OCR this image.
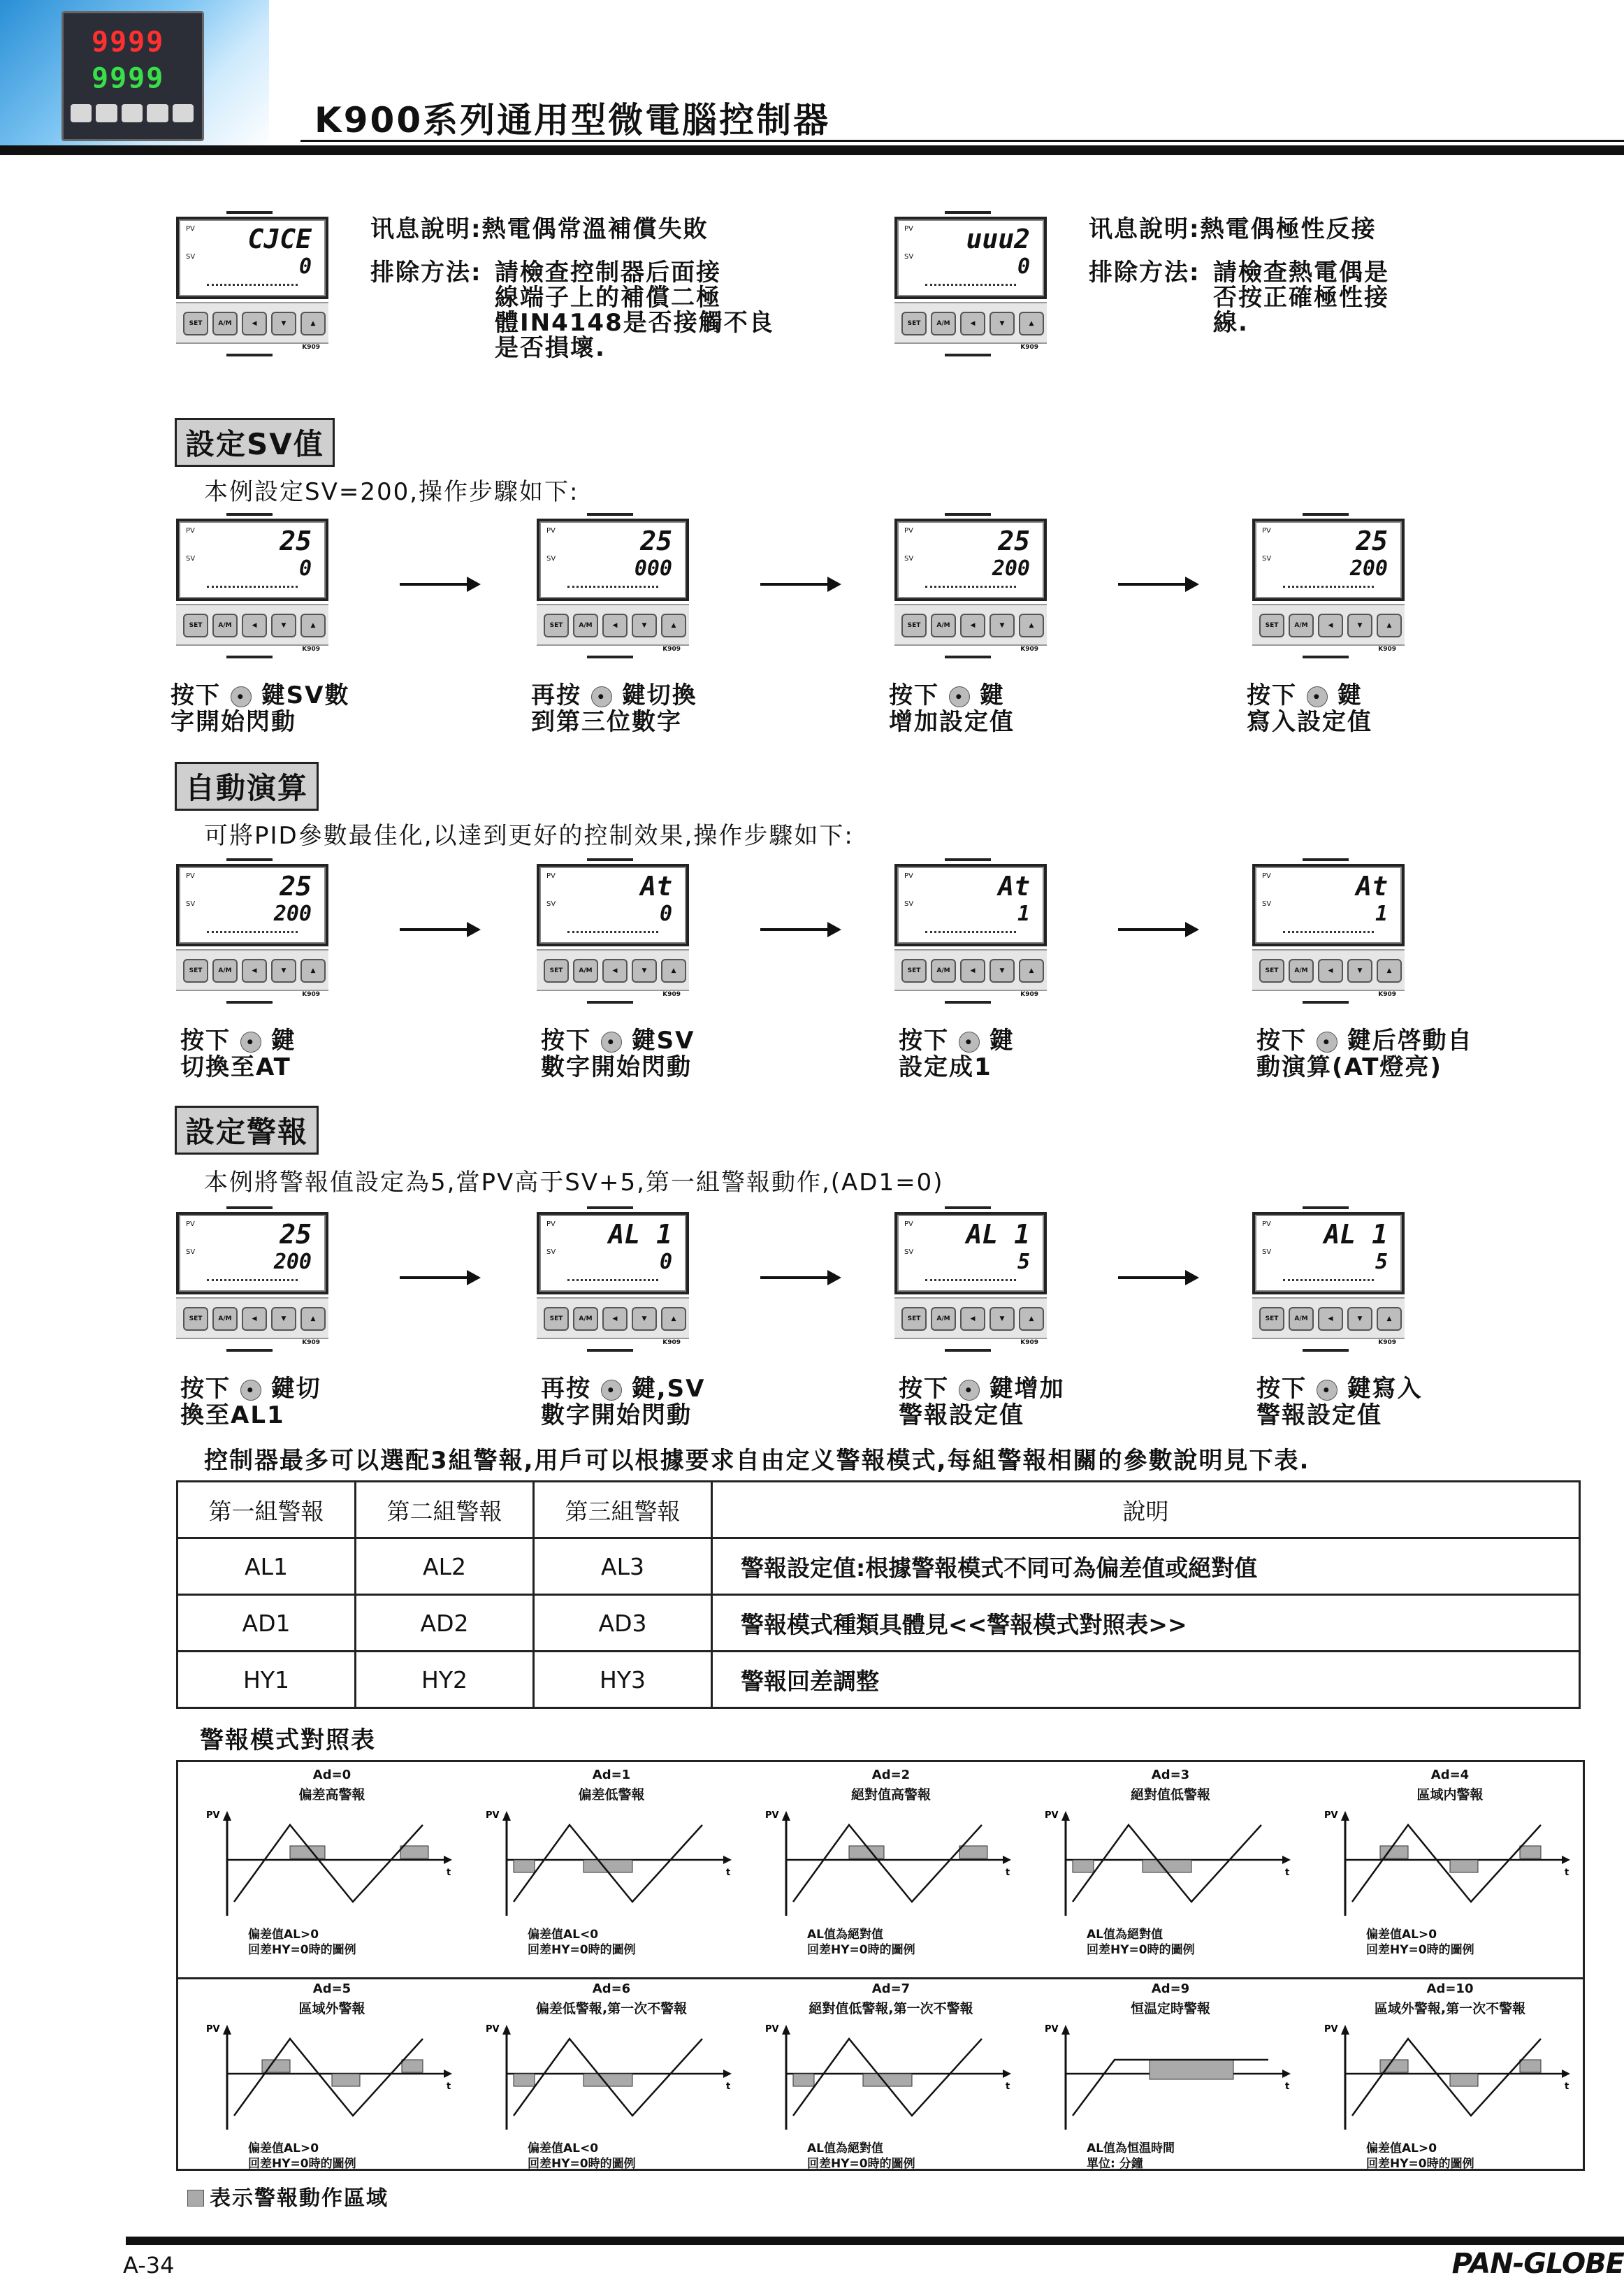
9999
9999
K900系列通用型微電腦控制器
PV
SV
CJCE
0
SET	A/M	◀	▼	▲
K909
讯息說明:熱電偶常溫補償失敗
排除方法: 請檢查控制器后面接
線端子上的補償二極
體IN4148是否接觸不良
是否損壞.
PV
SV
uuu2
0
SET	A/M	◀	▼	▲
K909
讯息說明:熱電偶極性反接
排除方法: 請檢查熱電偶是
否按正確極性接
線.
設定SV值
本例設定SV=200,操作步驟如下:
自動演算
可將PID參數最佳化,以達到更好的控制效果,操作步驟如下:
設定警報
本例將警報值設定為5,當PV高于SV+5,第一組警報動作,(AD1=0)
PV
SV
25
0
SET	A/M	◀	▼	▲
K909
按下	● 鍵SV數
字開始閃動
PV
SV
25
000
SET	A/M	◀	▼	▲
K909
再按	● 鍵切換
到第三位數字
PV
SV
25
200
SET	A/M	◀	▼	▲
K909
按下	● 鍵
增加設定值
PV
SV
25
200
SET	A/M	◀	▼	▲
K909
按下	● 鍵
寫入設定值
PV
SV
25
200
SET	A/M	◀	▼	▲
K909
按下	● 鍵
切換至AT
PV
SV
At
0
SET	A/M	◀	▼	▲
K909
按下	● 鍵SV
數字開始閃動
PV
SV
At
1
SET	A/M	◀	▼	▲
K909
按下	● 鍵
設定成1
PV
SV
At
1
SET	A/M	◀	▼	▲
K909
按下	● 鍵后啓動自
動演算(AT燈亮)
PV
SV
25
200
SET	A/M	◀	▼	▲
K909
按下	● 鍵切
換至AL1
PV
SV
AL 1
0
SET	A/M	◀	▼	▲
K909
再按	● 鍵,SV
數字開始閃動
PV
SV
AL 1
5
SET	A/M	◀	▼	▲
K909
按下	● 鍵增加
警報設定值
PV
SV
AL 1
5
SET	A/M	◀	▼	▲
K909
按下	● 鍵寫入
警報設定值
控制器最多可以選配3組警報,用戶可以根據要求自由定义警報模式,每組警報相關的參數說明見下表.
第一組警報	第二組警報	第三組警報	說明
AL1	AL2	AL3	警報設定值:根據警報模式不同可為偏差值或絕對值
AD1	AD2	AD3	警報模式種類具體見<<警報模式對照表>>
HY1	HY2	HY3	警報回差調整
警報模式對照表
Ad=0
偏差高警報
PV
t
偏差值AL>0
回差HY=0時的圖例
Ad=1
偏差低警報
PV
t
偏差值AL<0
回差HY=0時的圖例
Ad=2
絕對值高警報
PV
t
AL值為絕對值
回差HY=0時的圖例
Ad=3
絕對值低警報
PV
t
AL值為絕對值
回差HY=0時的圖例
Ad=4
區域内警報
PV
t
偏差值AL>0
回差HY=0時的圖例
Ad=5
區域外警報
PV
t
偏差值AL>0
回差HY=0時的圖例
Ad=6
偏差低警報,第一次不警報
PV
t
偏差值AL<0
回差HY=0時的圖例
Ad=7
絕對值低警報,第一次不警報
PV
t
AL值為絕對值
回差HY=0時的圖例
Ad=9
恒温定時警報
PV
t
AL值為恒温時間
單位: 分鐘
Ad=10
區域外警報,第一次不警報
PV
t
偏差值AL>0
回差HY=0時的圖例
表示警報動作區域
A-34	PAN-GLOBE
